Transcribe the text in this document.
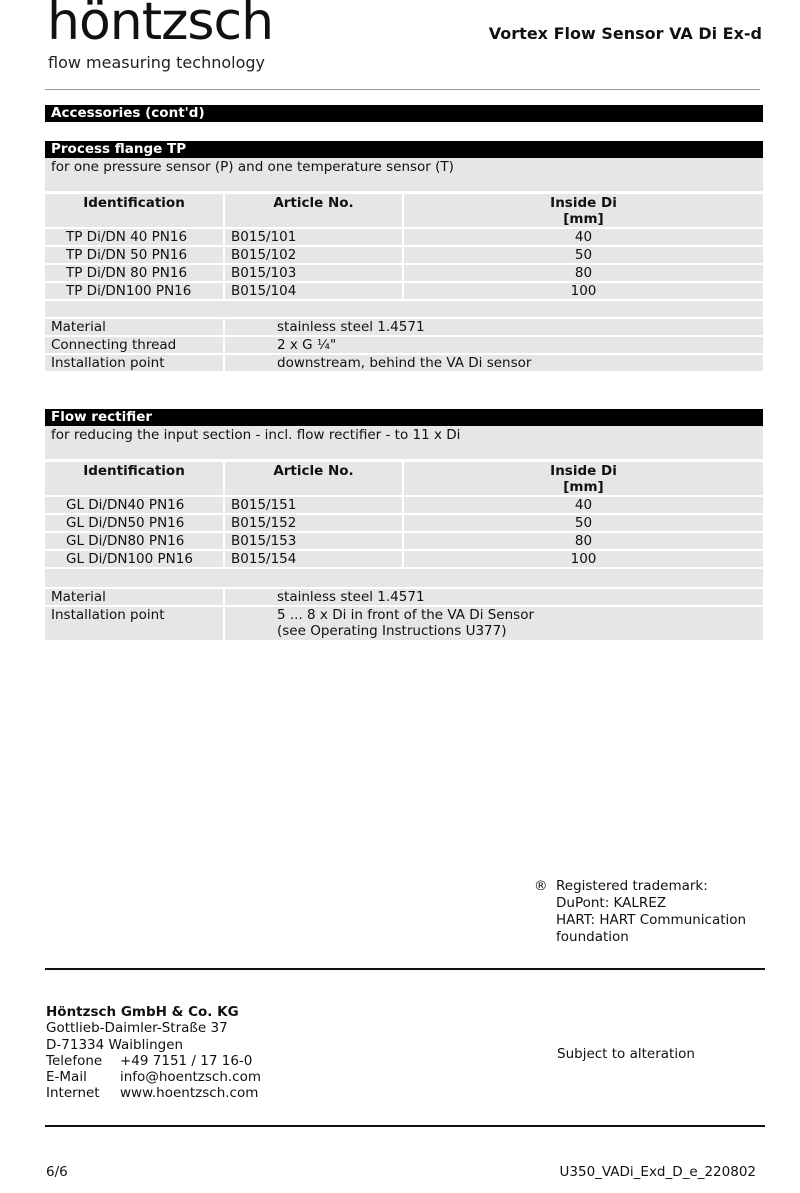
höntzsch
flow measuring technology
Vortex Flow Sensor VA Di Ex-d
Accessories (cont'd)
Process flange TP
for one pressure sensor (P) and one temperature sensor (T)
Identification	Article No.	Inside Di
[mm]
TP Di/DN 40 PN16	B015/101	40
TP Di/DN 50 PN16	B015/102	50
TP Di/DN 80 PN16	B015/103	80
TP Di/DN100 PN16	B015/104	100
Material	stainless steel 1.4571
Connecting thread	2 x G ¼"
Installation point	downstream, behind the VA Di sensor
Flow rectifier
for reducing the input section - incl. flow rectifier - to 11 x Di
Identification	Article No.	Inside Di
[mm]
GL Di/DN40 PN16	B015/151	40
GL Di/DN50 PN16	B015/152	50
GL Di/DN80 PN16	B015/153	80
GL Di/DN100 PN16	B015/154	100
Material	stainless steel 1.4571
Installation point	5 ... 8 x Di in front of the VA Di Sensor
(see Operating Instructions U377)
® Registered trademark:
DuPont: KALREZ
HART: HART Communication
foundation
Höntzsch GmbH & Co. KG
Gottlieb-Daimler-Straße 37
D-71334 Waiblingen
Telefone	+49 7151 / 17 16-0
E-Mail	info@hoentzsch.com
Internet	www.hoentzsch.com
Subject to alteration
6/6	U350_VADi_Exd_D_e_220802
